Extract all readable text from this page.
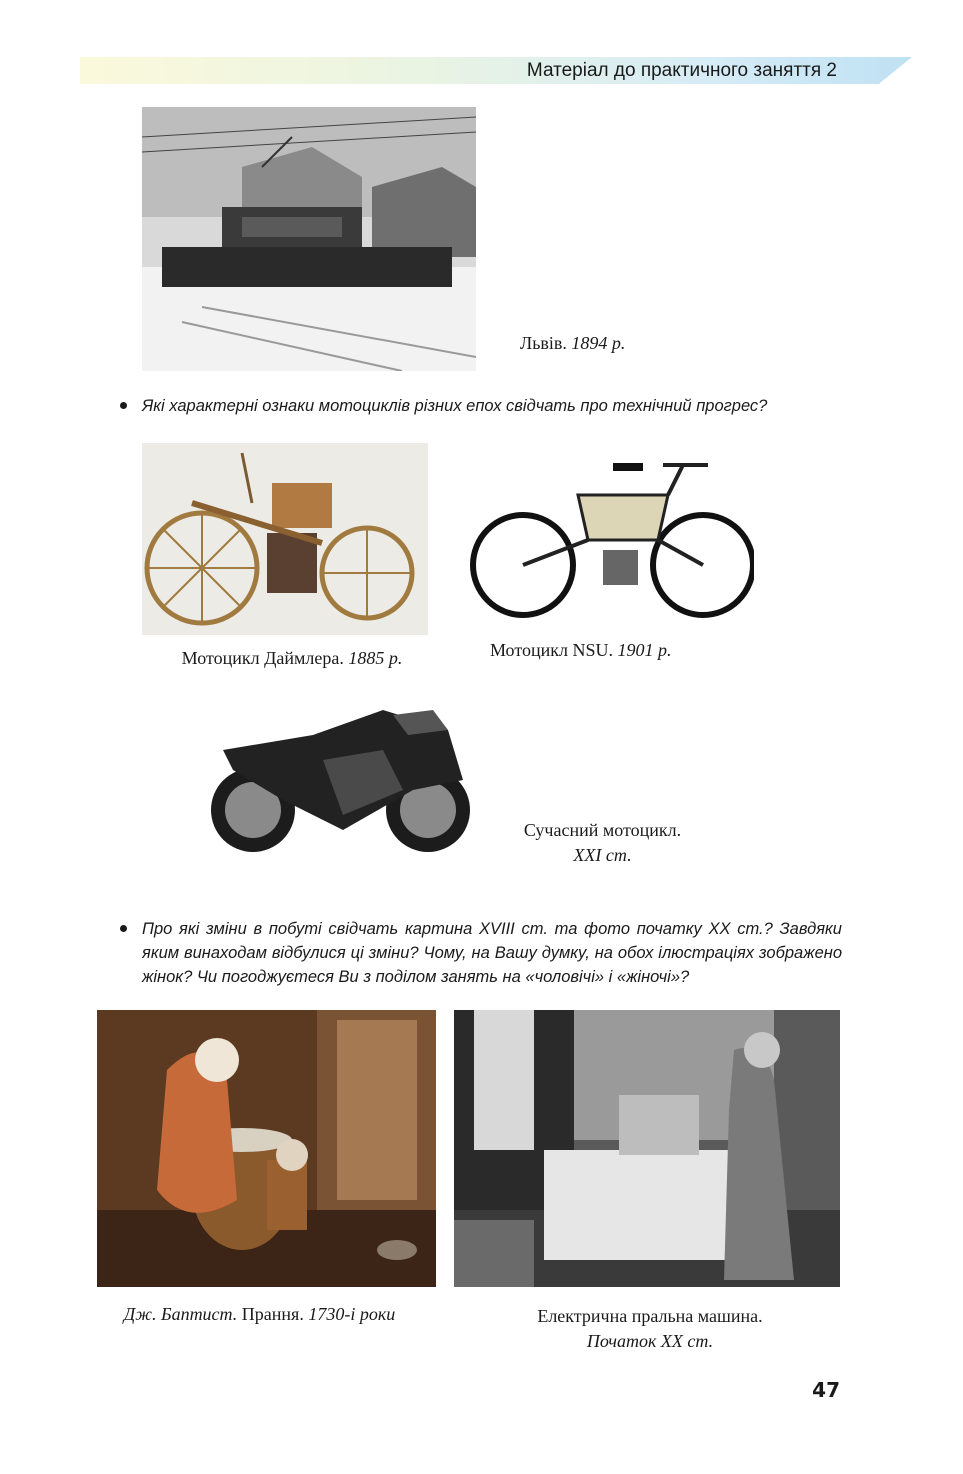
Матеріал до практичного заняття 2
Львів. 1894 р.
Які характерні ознаки мотоциклів різних епох свідчать про технічний прогрес?
Мотоцикл Даймлера. 1885 р.	Мотоцикл NSU. 1901 р.
Сучасний мотоцикл.
XXI ст.
Про які зміни в побуті свідчать картина XVIII ст. та фото початку XX ст.? Завдяки яким винаходам відбулися ці зміни? Чому, на Вашу думку, на обох ілюстраціях зображено жінок? Чи погоджуєтеся Ви з поділом занять на «чоловічі» і «жіночі»?
Дж. Баптист. Прання. 1730-і роки	Електрична пральна машина.
Початок XX ст.
47
